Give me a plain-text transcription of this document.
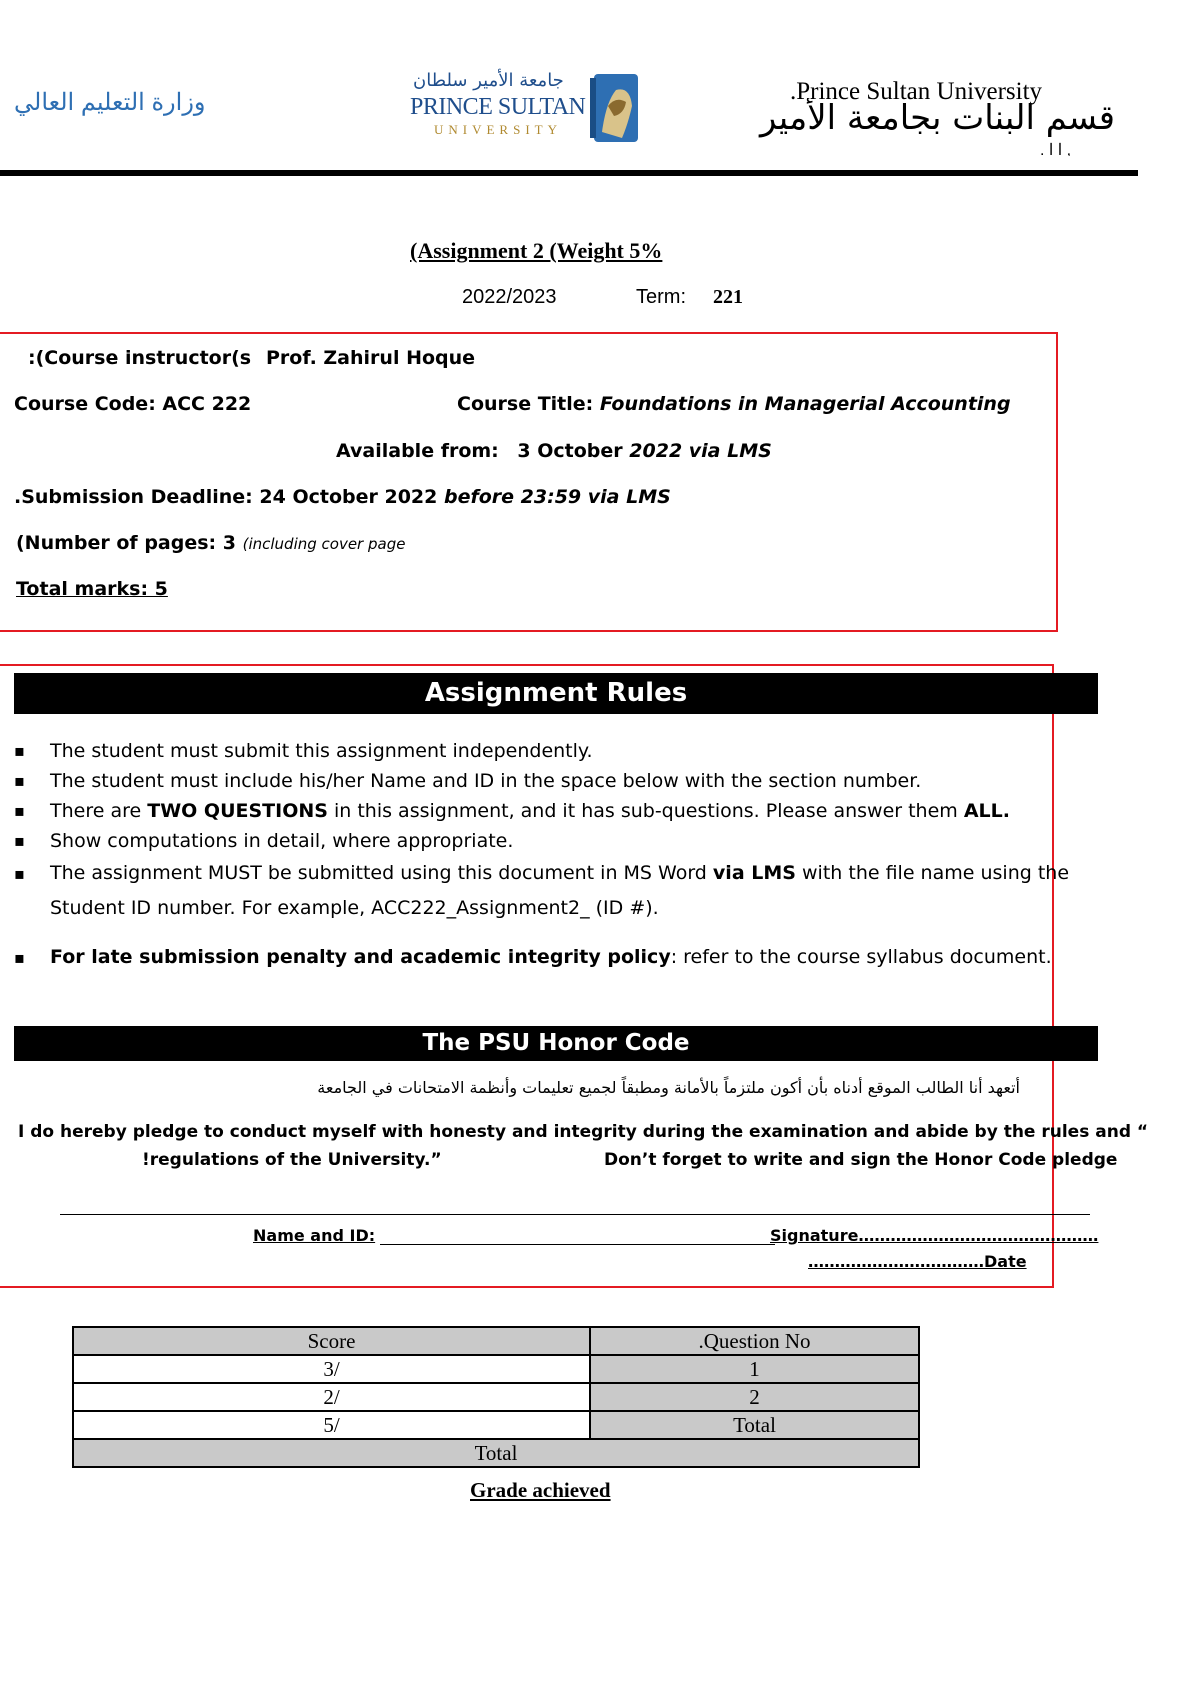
وزارة التعليم العالي
جامعة الأمير سلطان
PRINCE SULTAN
UNIVERSITY
.Prince Sultan University
قسم البنات بجامعة الأمير
. ا ا ,
(Assignment 2 (Weight 5%
2022/2023	Term: 221
:(Course instructor(s Prof. Zahirul Hoque
Course Code: ACC 222	Course Title: Foundations in Managerial Accounting
Available from: 3 October 2022 via LMS
.Submission Deadline: 24 October 2022 before 23:59 via LMS
(Number of pages: 3 (including cover page
Total marks: 5
Assignment Rules
▪ The student must submit this assignment independently.
▪ The student must include his/her Name and ID in the space below with the section number.
▪ There are TWO QUESTIONS in this assignment, and it has sub-questions. Please answer them ALL.
▪ Show computations in detail, where appropriate.
▪ The assignment MUST be submitted using this document in MS Word via LMS with the file name using the Student ID number. For example, ACC222_Assignment2_ (ID #).
▪ For late submission penalty and academic integrity policy: refer to the course syllabus document.
The PSU Honor Code
أتعهد أنا الطالب الموقع أدناه بأن أكون ملتزماً بالأمانة ومطبقاً لجميع تعليمات وأنظمة الامتحانات في الجامعة
I do hereby pledge to conduct myself with honesty and integrity during the examination and abide by the rules and “
!regulations of the University.”	Don’t forget to write and sign the Honor Code pledge
Name and ID:	Signature………………………………………
……………………………Date
Score	.Question No
3/	1
2/	2
5/	Total
Total	
Grade achieved
